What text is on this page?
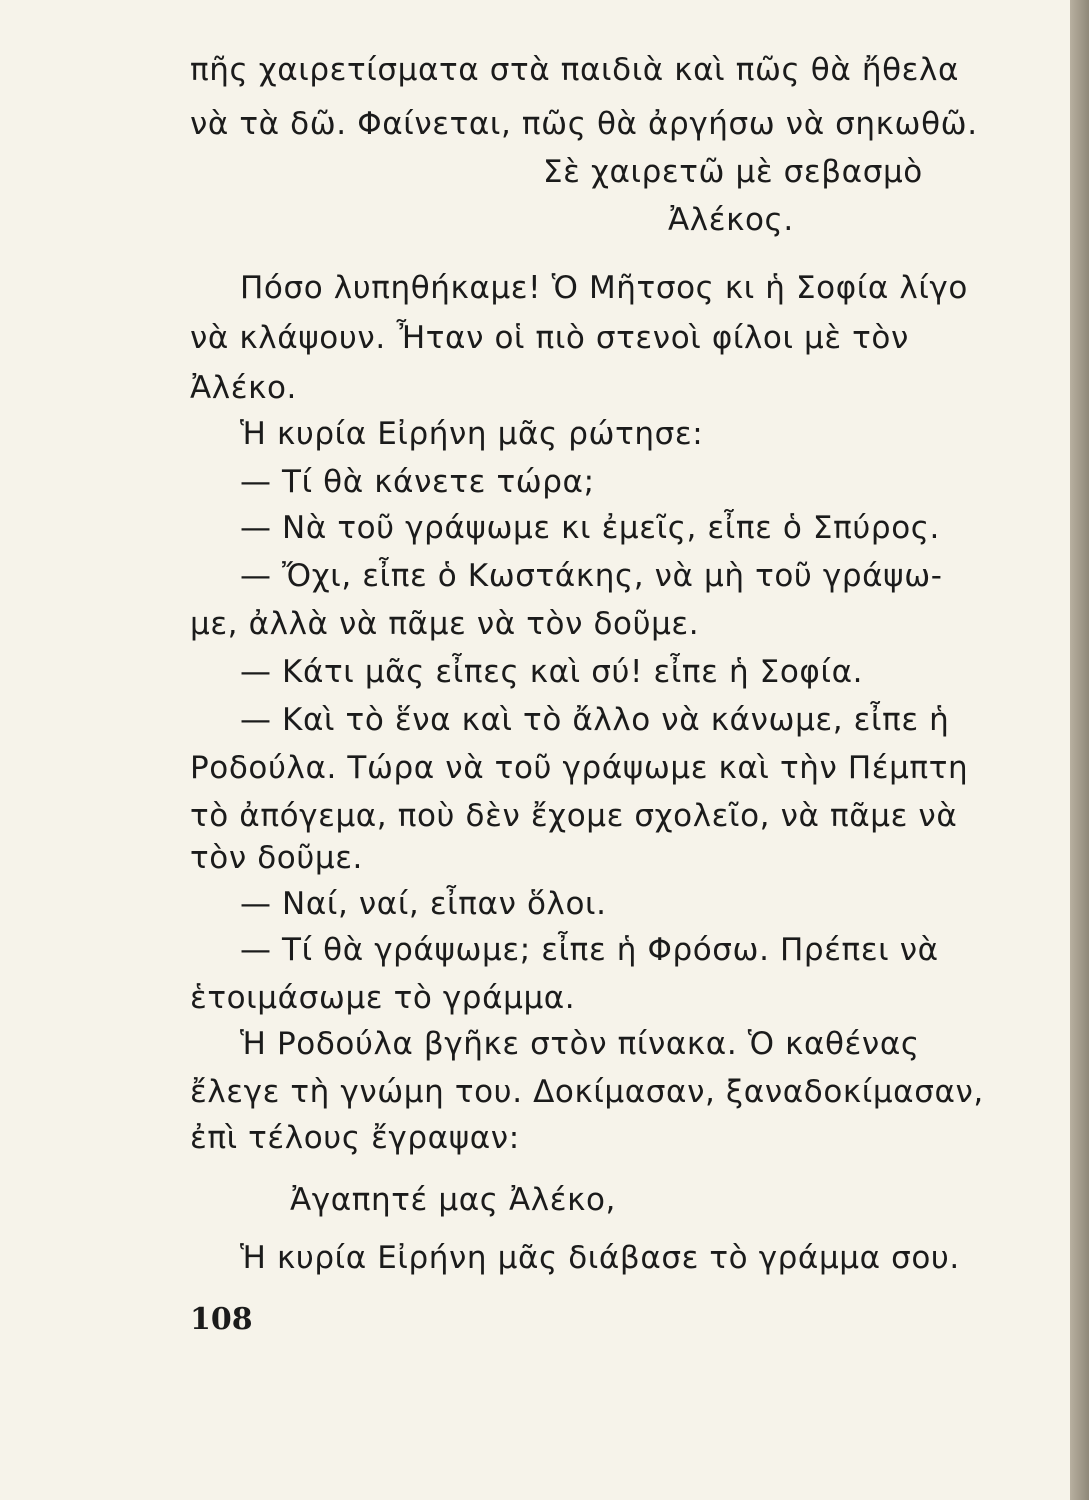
πῆς χαιρετίσματα στὰ παιδιὰ καὶ πῶς θὰ ἤθελα
νὰ τὰ δῶ. Φαίνεται, πῶς θὰ ἀργήσω νὰ σηκωθῶ.
Σὲ χαιρετῶ μὲ σεβασμὸ
Ἀλέκος.
Πόσο λυπηθήκαμε! Ὁ Μῆτσος κι ἡ Σοφία λίγο
νὰ κλάψουν. Ἦταν οἱ πιὸ στενοὶ φίλοι μὲ τὸν
Ἀλέκο.
Ἡ κυρία Εἰρήνη μᾶς ρώτησε:
— Τί θὰ κάνετε τώρα;
— Νὰ τοῦ γράψωμε κι ἐμεῖς, εἶπε ὁ Σπύρος.
— Ὄχι, εἶπε ὁ Κωστάκης, νὰ μὴ τοῦ γράψω-
με, ἀλλὰ νὰ πᾶμε νὰ τὸν δοῦμε.
— Κάτι μᾶς εἶπες καὶ σύ! εἶπε ἡ Σοφία.
— Καὶ τὸ ἕνα καὶ τὸ ἄλλο νὰ κάνωμε, εἶπε ἡ
Ροδούλα. Τώρα νὰ τοῦ γράψωμε καὶ τὴν Πέμπτη
τὸ ἀπόγεμα, ποὺ δὲν ἔχομε σχολεῖο, νὰ πᾶμε νὰ
τὸν δοῦμε.
— Ναί, ναί, εἶπαν ὅλοι.
— Τί θὰ γράψωμε; εἶπε ἡ Φρόσω. Πρέπει νὰ
ἑτοιμάσωμε τὸ γράμμα.
Ἡ Ροδούλα βγῆκε στὸν πίνακα. Ὁ καθένας
ἔλεγε τὴ γνώμη του. Δοκίμασαν, ξαναδοκίμασαν,
ἐπὶ τέλους ἔγραψαν:
Ἀγαπητέ μας Ἀλέκο,
Ἡ κυρία Εἰρήνη μᾶς διάβασε τὸ γράμμα σου.
108
